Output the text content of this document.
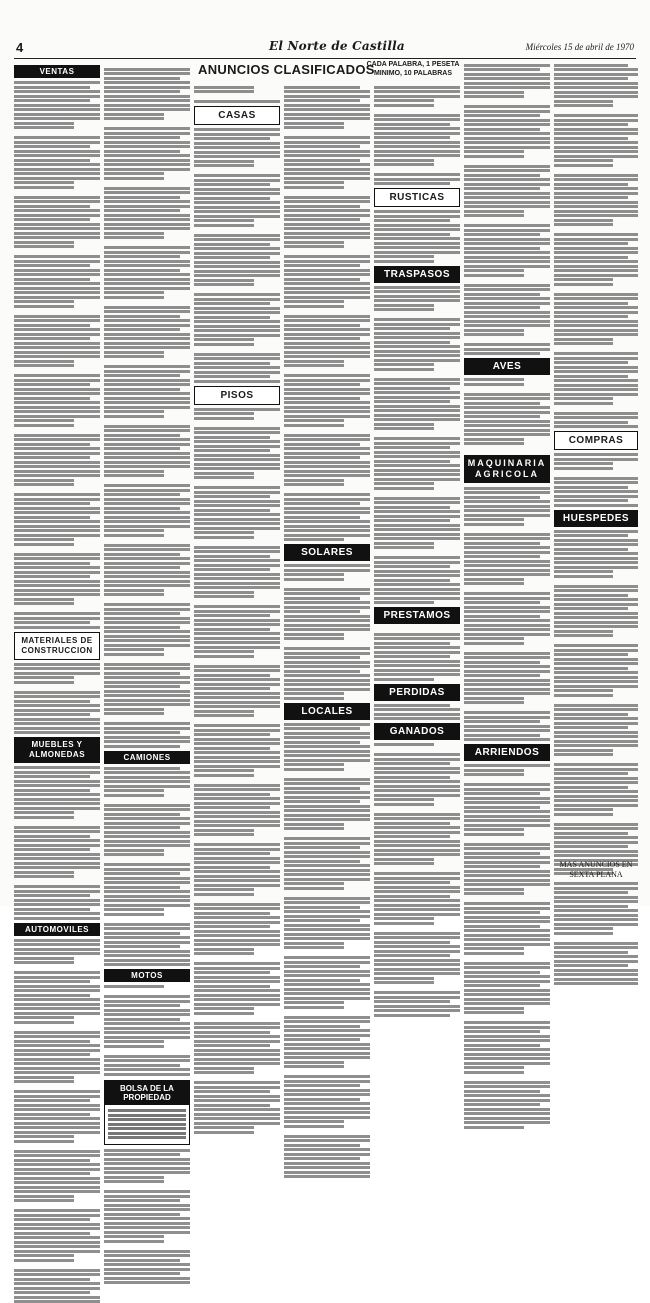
4	El Norte de Castilla	Miércoles 15 de abril de 1970
ANUNCIOS CLASIFICADOS
CADA PALABRA, 1 PESETA MINIMO, 10 PALABRAS
VENTAS
MATERIALES DE CONSTRUCCION
MUEBLES Y ALMONEDAS
AUTOMOVILES
CAMIONES
MOTOS
BOLSA DE LA PROPIEDAD
CASAS
PISOS
SOLARES
LOCALES
RUSTICAS
TRASPASOS
PRESTAMOS
PERDIDAS
GANADOS
AVES
MAQUINARIA AGRICOLA
ARRIENDOS
COMPRAS
HUESPEDES
MAS ANUNCIOS EN SEXTA PLANA
